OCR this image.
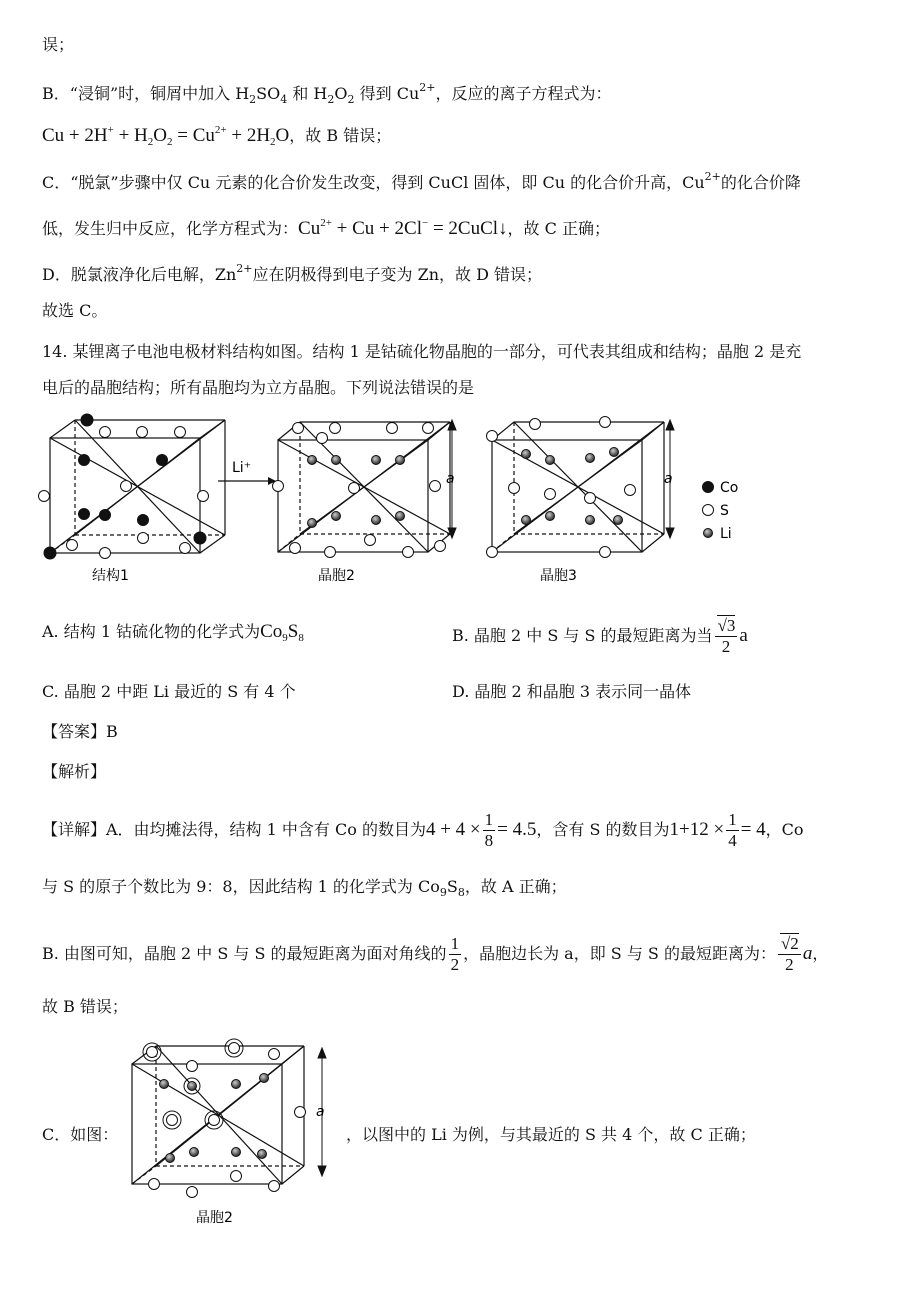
误；
B．“浸铜”时，铜屑中加入 $H_2SO_4$ 和 $H_2O_2$ 得到 $Cu^{2+}$，反应的离子方程式为：
$Cu + 2H^+ + H_2O_2 = Cu^{2+} + 2H_2O$，故 B 错误；
C．“脱氯”步骤中仅 Cu 元素的化合价发生改变，得到 CuCl 固体，即 Cu 的化合价升高，$Cu^{2+}$的化合价降
低，发生归中反应，化学方程式为：$Cu^{2+} + Cu + 2Cl^-$ = 2CuCl↓，故 C 正确；
D．脱氯液净化后电解，$Zn^{2+}$应在阴极得到电子变为 Zn，故 D 错误；
故选 C。
14. 某锂离子电池电极材料结构如图。结构 1 是钴硫化物晶胞的一部分，可代表其组成和结构；晶胞 2 是充
电后的晶胞结构；所有晶胞均为立方晶胞。下列说法错误的是
结构1
Li⁺
a
晶胞2
a
晶胞3
Co
S
Li
A. 结构 1 钴硫化物的化学式为$Co_9S_8$	B. 晶胞 2 中 S 与 S 的最短距离为当 $\frac{√3}{2}$ a
C. 晶胞 2 中距 Li 最近的 S 有 4 个	D. 晶胞 2 和晶胞 3 表示同一晶体
【答案】B
【解析】
【详解】A．由均摊法得，结构 1 中含有 Co 的数目为$4 + 4 \times \frac{1}{8} = 4.5$，含有 S 的数目为$1+12 \times \frac{1}{4} = 4$，Co
与 S 的原子个数比为 9：8，因此结构 1 的化学式为 $Co_9S_8$，故 A 正确；
B. 由图可知，晶胞 2 中 S 与 S 的最短距离为面对角线的 $\frac{1}{2}$ ，晶胞边长为 a，即 S 与 S 的最短距离为： $\frac{√2}{2}$ a，
故 B 错误；
C．如图：
a
晶胞2
，以图中的 Li 为例，与其最近的 S 共 4 个，故 C 正确；
